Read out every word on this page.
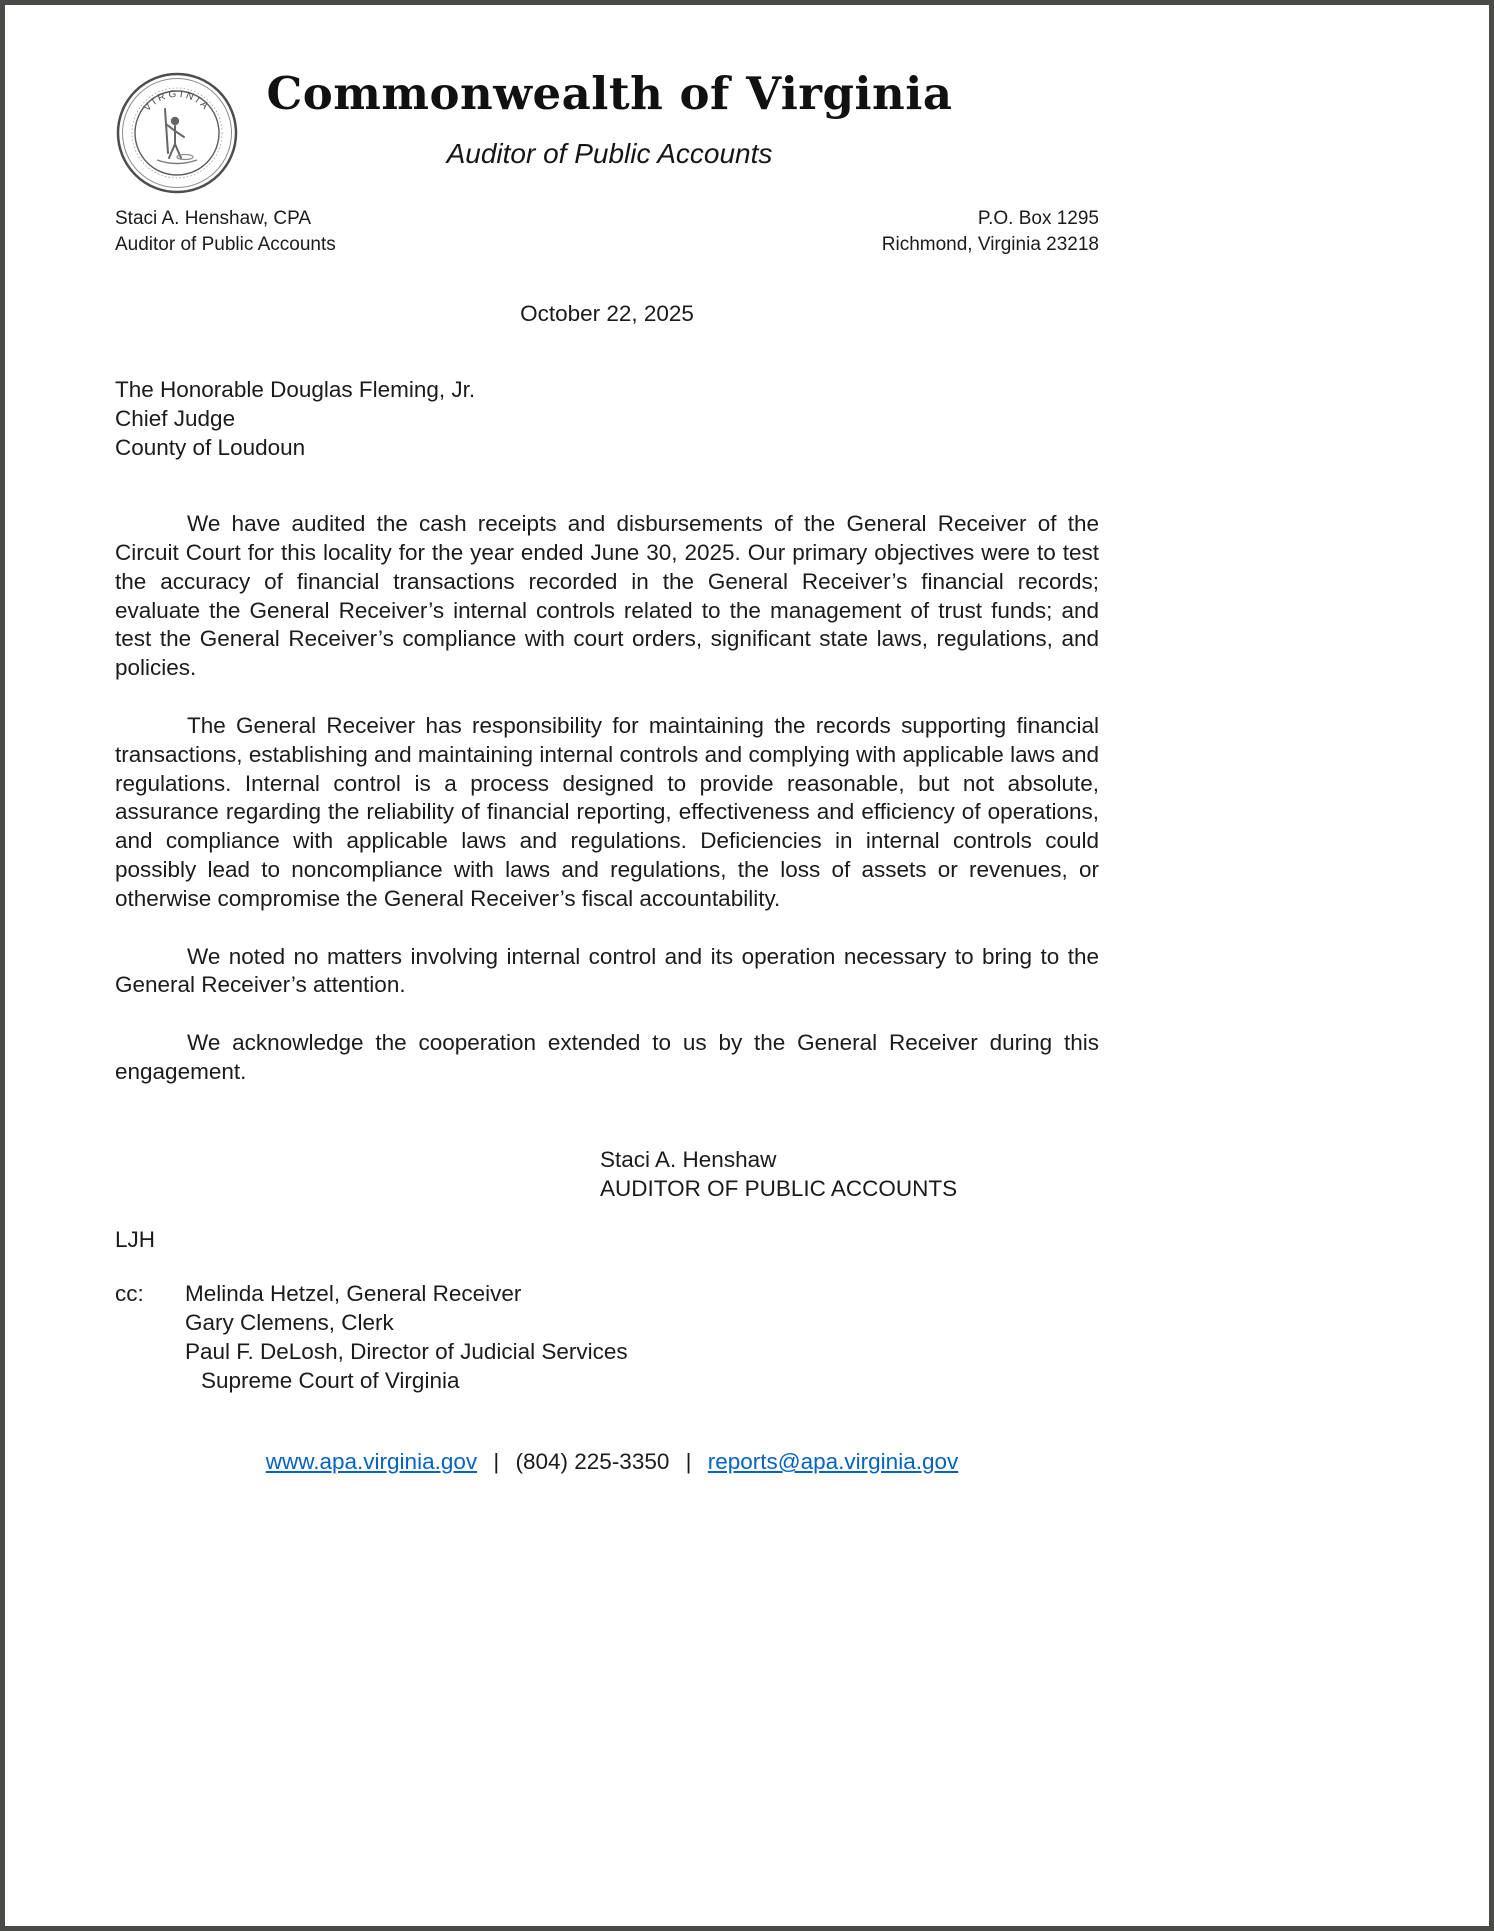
VIRGINIA	Commonwealth of Virginia
Auditor of Public Accounts
Staci A. Henshaw, CPA
Auditor of Public Accounts
P.O. Box 1295
Richmond, Virginia 23218
October 22, 2025
The Honorable Douglas Fleming, Jr.
Chief Judge
County of Loudoun

We have audited the cash receipts and disbursements of the General Receiver of the Circuit Court for this locality for the year ended June 30, 2025. Our primary objectives were to test the accuracy of financial transactions recorded in the General Receiver’s financial records; evaluate the General Receiver’s internal controls related to the management of trust funds; and test the General Receiver’s compliance with court orders, significant state laws, regulations, and policies.

The General Receiver has responsibility for maintaining the records supporting financial transactions, establishing and maintaining internal controls and complying with applicable laws and regulations. Internal control is a process designed to provide reasonable, but not absolute, assurance regarding the reliability of financial reporting, effectiveness and efficiency of operations, and compliance with applicable laws and regulations. Deficiencies in internal controls could possibly lead to noncompliance with laws and regulations, the loss of assets or revenues, or otherwise compromise the General Receiver’s fiscal accountability.

We noted no matters involving internal control and its operation necessary to bring to the General Receiver’s attention.

We acknowledge the cooperation extended to us by the General Receiver during this engagement.

Staci A. Henshaw
AUDITOR OF PUBLIC ACCOUNTS
LJH
cc:	Melinda Hetzel, General Receiver
Gary Clemens, Clerk
Paul F. DeLosh, Director of Judicial Services
Supreme Court of Virginia
www.apa.virginia.gov | (804) 225-3350 | reports@apa.virginia.gov
